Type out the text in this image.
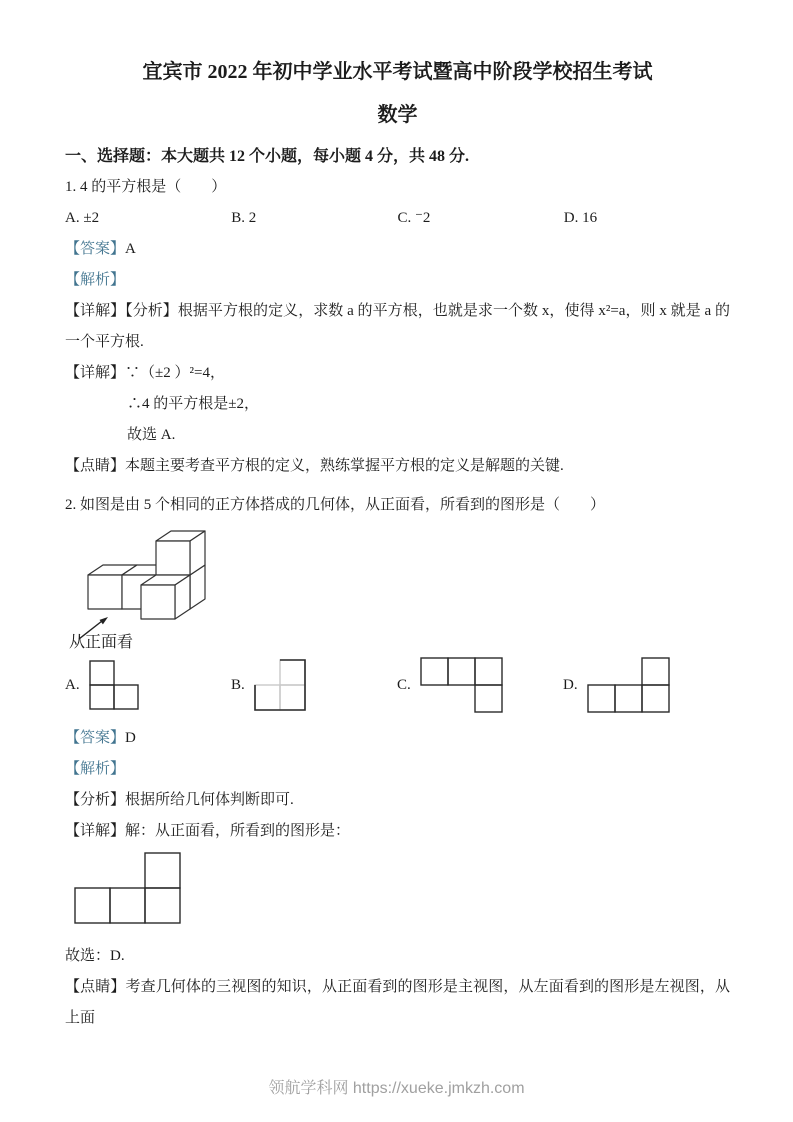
宜宾市 2022 年初中学业水平考试暨高中阶段学校招生考试
数学
一、选择题：本大题共 12 个小题，每小题 4 分，共 48 分.

1. 4 的平方根是（　　）

A. ±2	B. 2	C. ⁻2	D. 16

【答案】A

【解析】

【详解】【分析】根据平方根的定义，求数 a 的平方根，也就是求一个数 x，使得 x²=a，则 x 就是 a 的一个平方根.

【详解】∵（±2 ）²=4，

∴4 的平方根是±2，

故选 A.

【点睛】本题主要考查平方根的定义，熟练掌握平方根的定义是解题的关键.

2. 如图是由 5 个相同的正方体搭成的几何体，从正面看，所看到的图形是（　　）

从正面看
A.	B.	C.	D.

【答案】D

【解析】

【分析】根据所给几何体判断即可.

【详解】解：从正面看，所看到的图形是：

故选：D.

【点睛】考查几何体的三视图的知识，从正面看到的图形是主视图，从左面看到的图形是左视图，从上面

领航学科网 https://xueke.jmkzh.com
